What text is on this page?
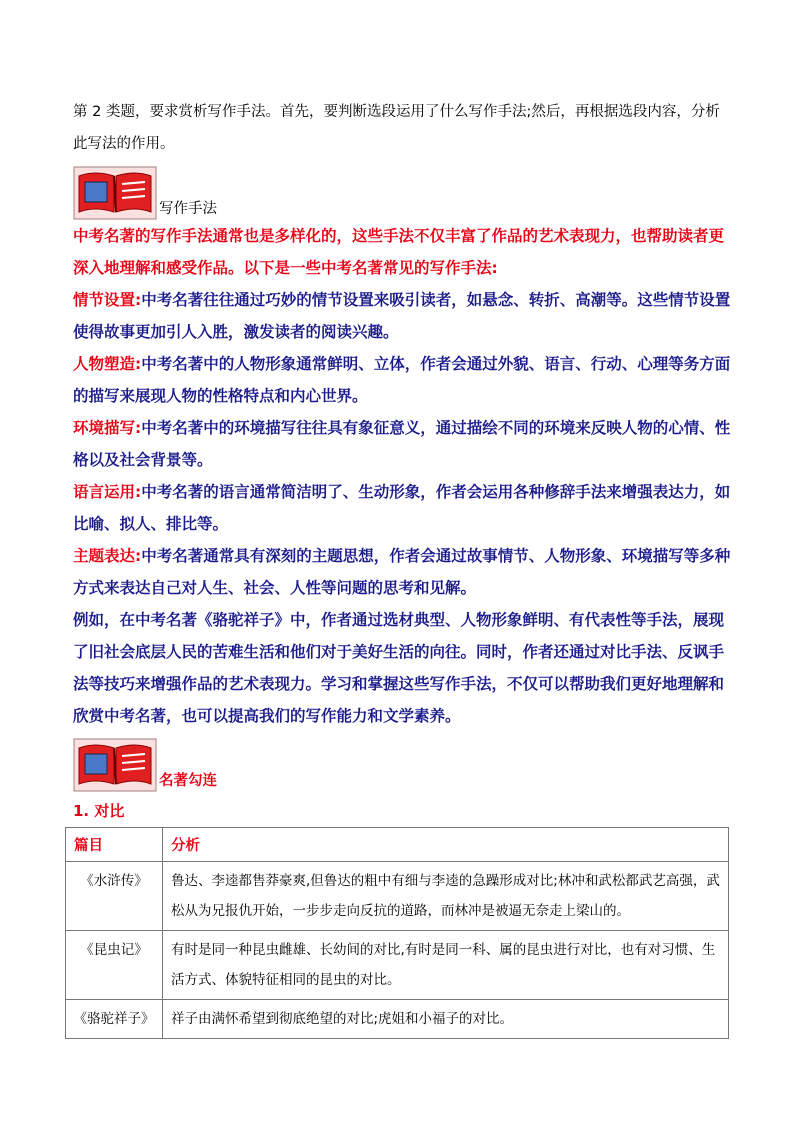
第 2 类题，要求赏析写作手法。首先，要判断选段运用了什么写作手法;然后，再根据选段内容，分析此写法的作用。

写作手法

中考名著的写作手法通常也是多样化的，这些手法不仅丰富了作品的艺术表现力，也帮助读者更深入地理解和感受作品。以下是一些中考名著常见的写作手法:

情节设置:中考名著往往通过巧妙的情节设置来吸引读者，如悬念、转折、高潮等。这些情节设置使得故事更加引人入胜，激发读者的阅读兴趣。

人物塑造:中考名著中的人物形象通常鲜明、立体，作者会通过外貌、语言、行动、心理等务方面的描写来展现人物的性格特点和内心世界。

环境描写:中考名著中的环境描写往往具有象征意义，通过描绘不同的环境来反映人物的心情、性格以及社会背景等。

语言运用:中考名著的语言通常简洁明了、生动形象，作者会运用各种修辞手法来增强表达力，如比喻、拟人、排比等。

主题表达:中考名著通常具有深刻的主题思想，作者会通过故事情节、人物形象、环境描写等多种方式来表达自己对人生、社会、人性等问题的思考和见解。

例如，在中考名著《骆驼祥子》中，作者通过选材典型、人物形象鲜明、有代表性等手法，展现了旧社会底层人民的苦难生活和他们对于美好生活的向往。同时，作者还通过对比手法、反讽手法等技巧来增强作品的艺术表现力。学习和掌握这些写作手法，不仅可以帮助我们更好地理解和欣赏中考名著，也可以提高我们的写作能力和文学素养。

名著勾连
1. 对比
篇目	分析
《水浒传》	鲁达、李逵都售莽豪爽,但鲁达的粗中有细与李逵的急躁形成对比;林冲和武松都武艺高强，武松从为兄报仇开始，一步步走向反抗的道路，而林冲是被逼无奈走上梁山的。
《昆虫记》	有时是同一种昆虫雌雄、长幼间的对比,有时是同一科、属的昆虫进行对比，也有对习惯、生活方式、体貌特征相同的昆虫的对比。
《骆驼祥子》	祥子由满怀希望到彻底绝望的对比;虎姐和小福子的对比。
